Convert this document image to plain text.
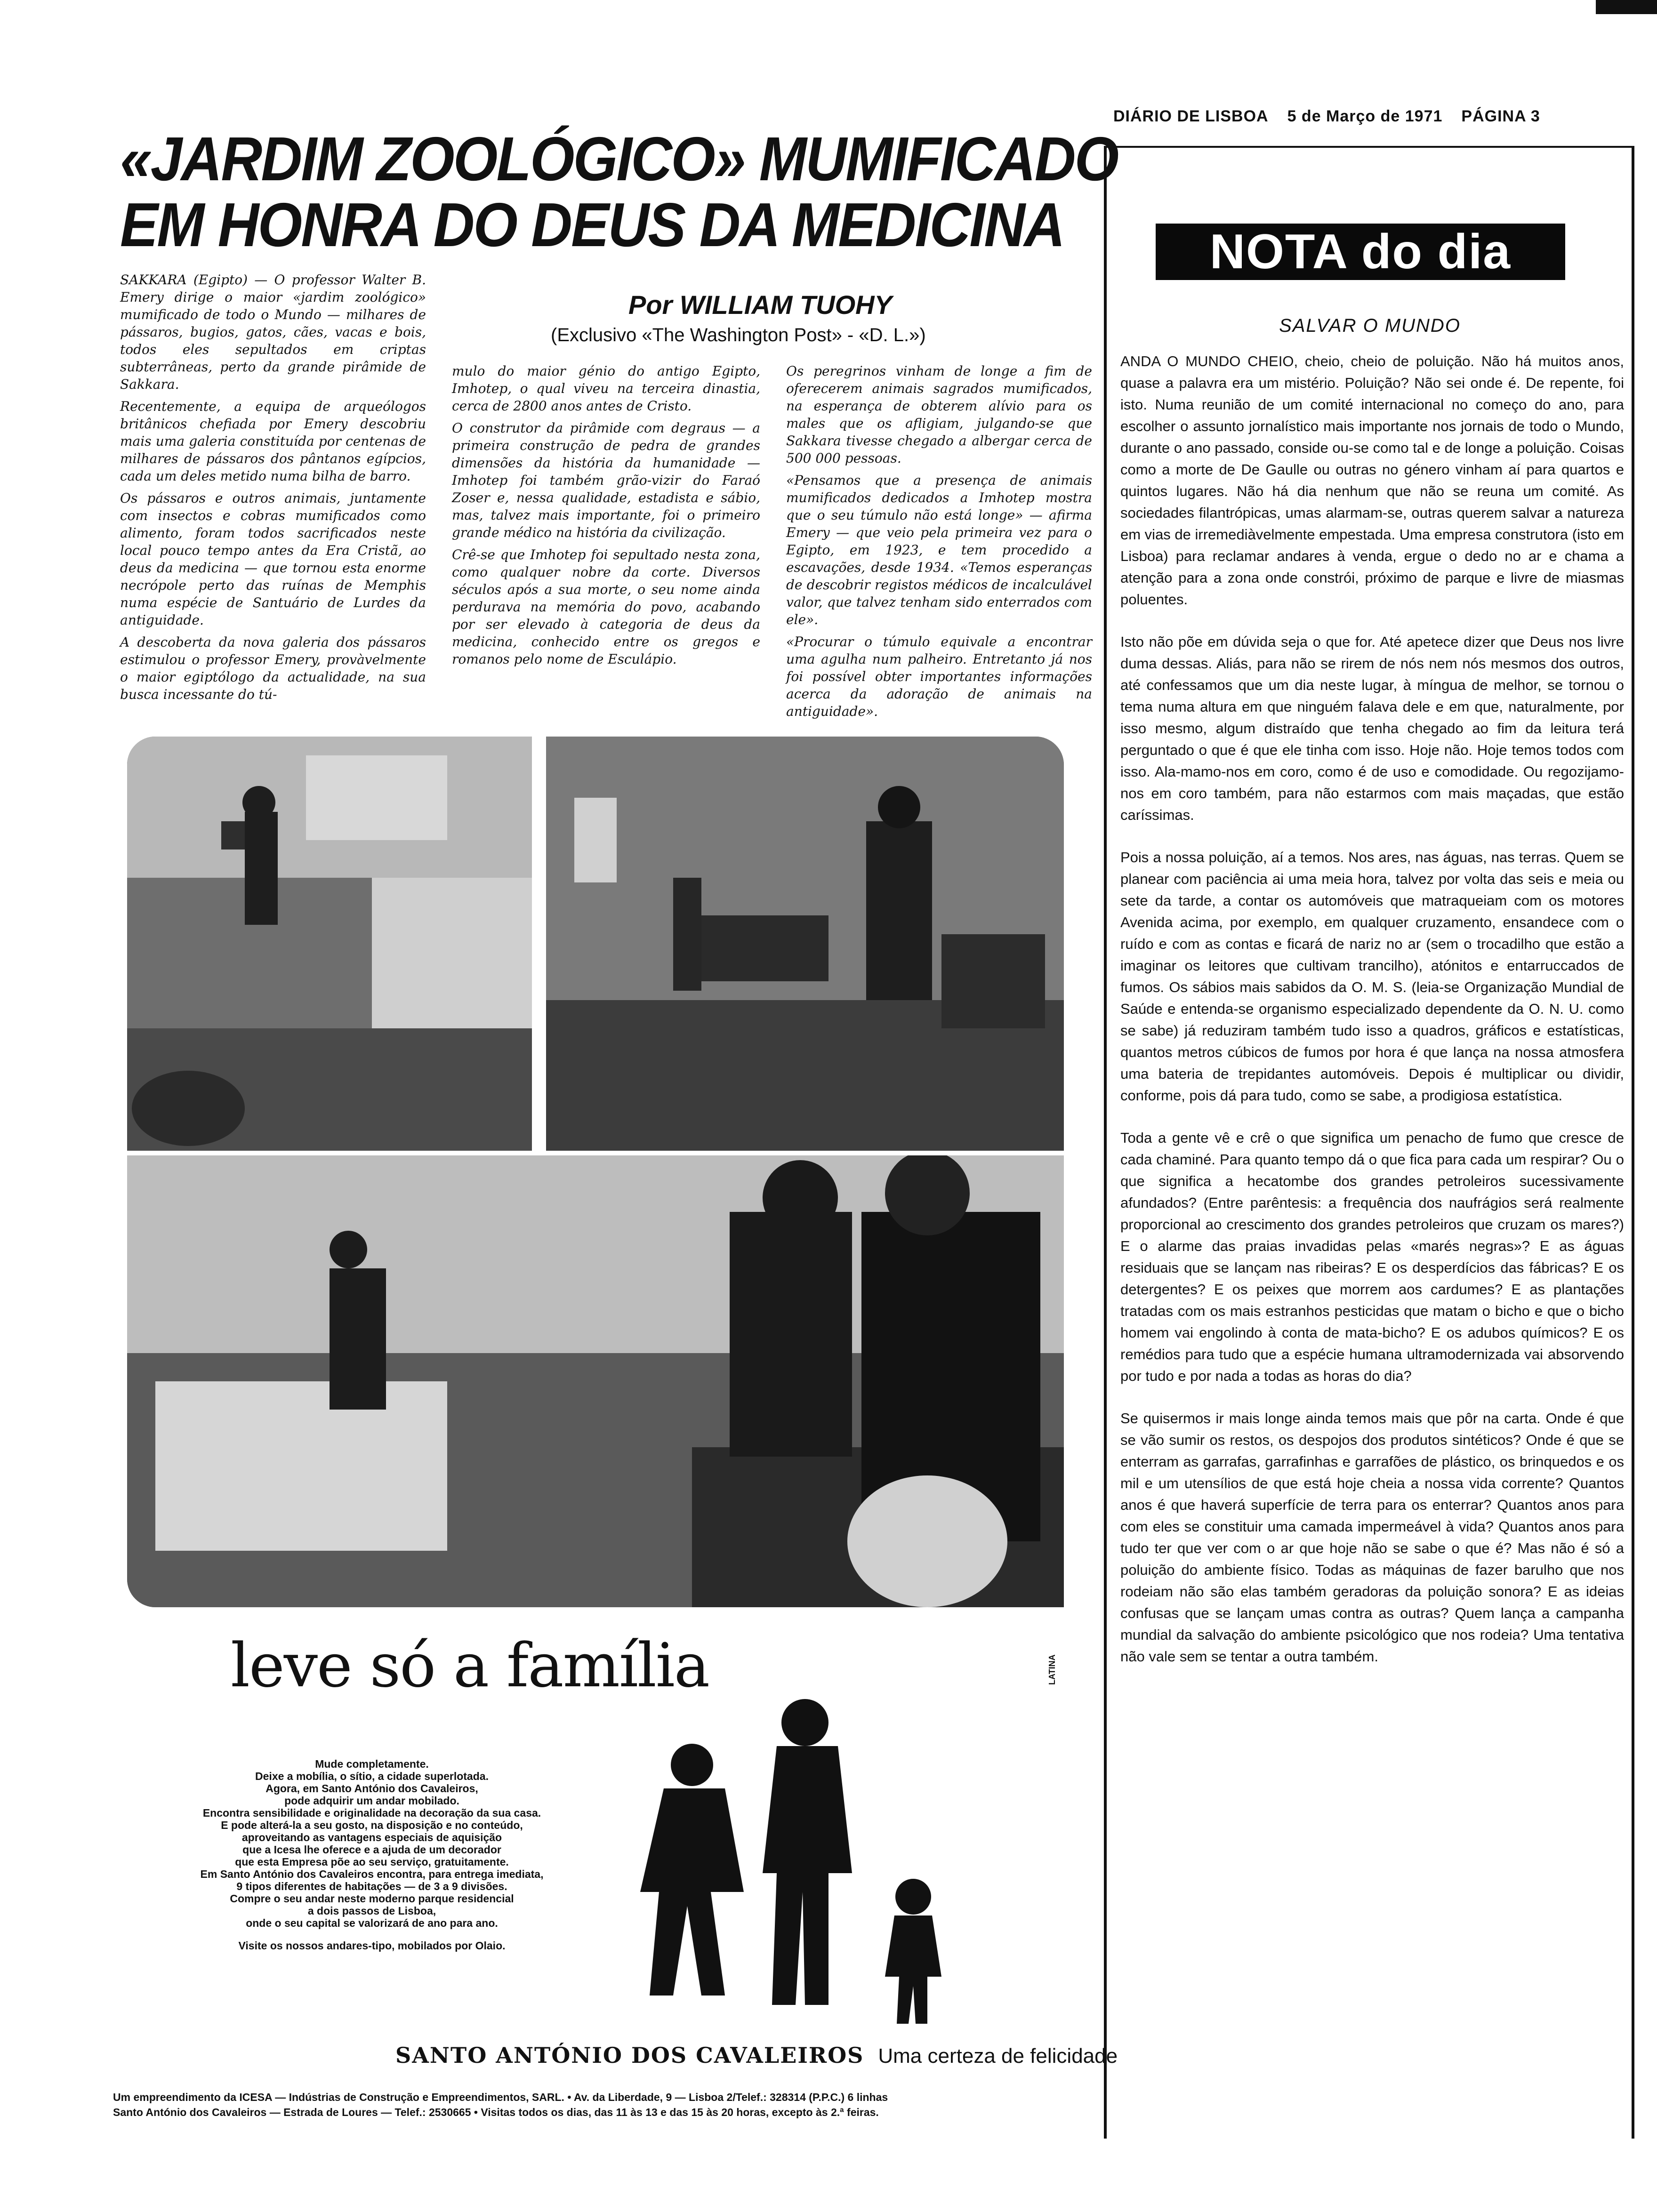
DIÁRIO DE LISBOA 5 de Março de 1971 PÁGINA 3
«JARDIM ZOOLÓGICO» MUMIFICADO
EM HONRA DO DEUS DA MEDICINA
Por WILLIAM TUOHY
(Exclusivo «The Washington Post» - «D. L.»)

SAKKARA (Egipto) — O professor Walter B. Emery dirige o maior «jardim zoológico» mumificado de todo o Mundo — milhares de pássaros, bugios, gatos, cães, vacas e bois, todos eles sepultados em criptas subterrâneas, perto da grande pirâmide de Sakkara.

Recentemente, a equipa de arqueólogos britânicos chefiada por Emery descobriu mais uma galeria constituída por centenas de milhares de pássaros dos pântanos egípcios, cada um deles metido numa bilha de barro.

Os pássaros e outros animais, juntamente com insectos e cobras mumificados como alimento, foram todos sacrificados neste local pouco tempo antes da Era Cristã, ao deus da medicina — que tornou esta enorme necrópole perto das ruínas de Memphis numa espécie de Santuário de Lurdes da antiguidade.

A descoberta da nova galeria dos pássaros estimulou o professor Emery, provàvelmente o maior egiptólogo da actualidade, na sua busca incessante do tú-

mulo do maior génio do antigo Egipto, Imhotep, o qual viveu na terceira dinastia, cerca de 2800 anos antes de Cristo.

O construtor da pirâmide com degraus — a primeira construção de pedra de grandes dimensões da história da humanidade — Imhotep foi também grão-vizir do Faraó Zoser e, nessa qualidade, estadista e sábio, mas, talvez mais importante, foi o primeiro grande médico na história da civilização.

Crê-se que Imhotep foi sepultado nesta zona, como qualquer nobre da corte. Diversos séculos após a sua morte, o seu nome ainda perdurava na memória do povo, acabando por ser elevado à categoria de deus da medicina, conhecido entre os gregos e romanos pelo nome de Esculápio.

Os peregrinos vinham de longe a fim de oferecerem animais sagrados mumificados, na esperança de obterem alívio para os males que os afligiam, julgando-se que Sakkara tivesse chegado a albergar cerca de 500 000 pessoas.

«Pensamos que a presença de animais mumificados dedicados a Imhotep mostra que o seu túmulo não está longe» — afirma Emery — que veio pela primeira vez para o Egipto, em 1923, e tem procedido a escavações, desde 1934. «Temos esperanças de descobrir registos médicos de incalculável valor, que talvez tenham sido enterrados com ele».

«Procurar o túmulo equivale a encontrar uma agulha num palheiro. Entretanto já nos foi possível obter importantes informações acerca da adoração de animais na antiguidade».

NOTA do dia
SALVAR O MUNDO

ANDA O MUNDO CHEIO, cheio, cheio de poluição. Não há muitos anos, quase a palavra era um mistério. Poluição? Não sei onde é. De repente, foi isto. Numa reunião de um comité internacional no começo do ano, para escolher o assunto jornalístico mais importante nos jornais de todo o Mundo, durante o ano passado, conside ou-se como tal e de longe a poluição. Coisas como a morte de De Gaulle ou outras no género vinham aí para quartos e quintos lugares. Não há dia nenhum que não se reuna um comité. As sociedades filantrópicas, umas alarmam-se, outras querem salvar a natureza em vias de irremediàvelmente empestada. Uma empresa construtora (isto em Lisboa) para reclamar andares à venda, ergue o dedo no ar e chama a atenção para a zona onde constrói, próximo de parque e livre de miasmas poluentes.

Isto não põe em dúvida seja o que for. Até apetece dizer que Deus nos livre duma dessas. Aliás, para não se rirem de nós nem nós mesmos dos outros, até confessamos que um dia neste lugar, à míngua de melhor, se tornou o tema numa altura em que ninguém falava dele e em que, naturalmente, por isso mesmo, algum distraído que tenha chegado ao fim da leitura terá perguntado o que é que ele tinha com isso. Hoje não. Hoje temos todos com isso. Ala-mamo-nos em coro, como é de uso e comodidade. Ou regozijamo-nos em coro também, para não estarmos com mais maçadas, que estão caríssimas.

Pois a nossa poluição, aí a temos. Nos ares, nas águas, nas terras. Quem se planear com paciência ai uma meia hora, talvez por volta das seis e meia ou sete da tarde, a contar os automóveis que matraqueiam com os motores Avenida acima, por exemplo, em qualquer cruzamento, ensandece com o ruído e com as contas e ficará de nariz no ar (sem o trocadilho que estão a imaginar os leitores que cultivam trancilho), atónitos e entarruccados de fumos. Os sábios mais sabidos da O. M. S. (leia-se Organização Mundial de Saúde e entenda-se organismo especializado dependente da O. N. U. como se sabe) já reduziram também tudo isso a quadros, gráficos e estatísticas, quantos metros cúbicos de fumos por hora é que lança na nossa atmosfera uma bateria de trepidantes automóveis. Depois é multiplicar ou dividir, conforme, pois dá para tudo, como se sabe, a prodigiosa estatística.

Toda a gente vê e crê o que significa um penacho de fumo que cresce de cada chaminé. Para quanto tempo dá o que fica para cada um respirar? Ou o que significa a hecatombe dos grandes petroleiros sucessivamente afundados? (Entre parêntesis: a frequência dos naufrágios será realmente proporcional ao crescimento dos grandes petroleiros que cruzam os mares?) E o alarme das praias invadidas pelas «marés negras»? E as águas residuais que se lançam nas ribeiras? E os desperdícios das fábricas? E os detergentes? E os peixes que morrem aos cardumes? E as plantações tratadas com os mais estranhos pesticidas que matam o bicho e que o bicho homem vai engolindo à conta de mata-bicho? E os adubos químicos? E os remédios para tudo que a espécie humana ultramodernizada vai absorvendo por tudo e por nada a todas as horas do dia?

Se quisermos ir mais longe ainda temos mais que pôr na carta. Onde é que se vão sumir os restos, os despojos dos produtos sintéticos? Onde é que se enterram as garrafas, garrafinhas e garrafões de plástico, os brinquedos e os mil e um utensílios de que está hoje cheia a nossa vida corrente? Quantos anos é que haverá superfície de terra para os enterrar? Quantos anos para com eles se constituir uma camada impermeável à vida? Quantos anos para tudo ter que ver com o ar que hoje não se sabe o que é? Mas não é só a poluição do ambiente físico. Todas as máquinas de fazer barulho que nos rodeiam não são elas também geradoras da poluição sonora? E as ideias confusas que se lançam umas contra as outras? Quem lança a campanha mundial da salvação do ambiente psicológico que nos rodeia? Uma tentativa não vale sem se tentar a outra também.

LATINA
leve só a família
Mude completamente.
Deixe a mobília, o sítio, a cidade superlotada.
Agora, em Santo António dos Cavaleiros,
pode adquirir um andar mobilado.
Encontra sensibilidade e originalidade na decoração da sua casa.
E pode alterá-la a seu gosto, na disposição e no conteúdo,
aproveitando as vantagens especiais de aquisição
que a Icesa lhe oferece e a ajuda de um decorador
que esta Empresa põe ao seu serviço, gratuitamente.
Em Santo António dos Cavaleiros encontra, para entrega imediata,
9 tipos diferentes de habitações — de 3 a 9 divisões.
Compre o seu andar neste moderno parque residencial
a dois passos de Lisboa,
onde o seu capital se valorizará de ano para ano.
Visite os nossos andares-tipo, mobilados por Olaio.
SANTO ANTÓNIO DOS CAVALEIROS Uma certeza de felicidade
Um empreendimento da ICESA — Indústrias de Construção e Empreendimentos, SARL. • Av. da Liberdade, 9 — Lisboa 2/Telef.: 328314 (P.P.C.) 6 linhas
Santo António dos Cavaleiros — Estrada de Loures — Telef.: 2530665 • Visitas todos os dias, das 11 às 13 e das 15 às 20 horas, excepto às 2.ª feiras.
